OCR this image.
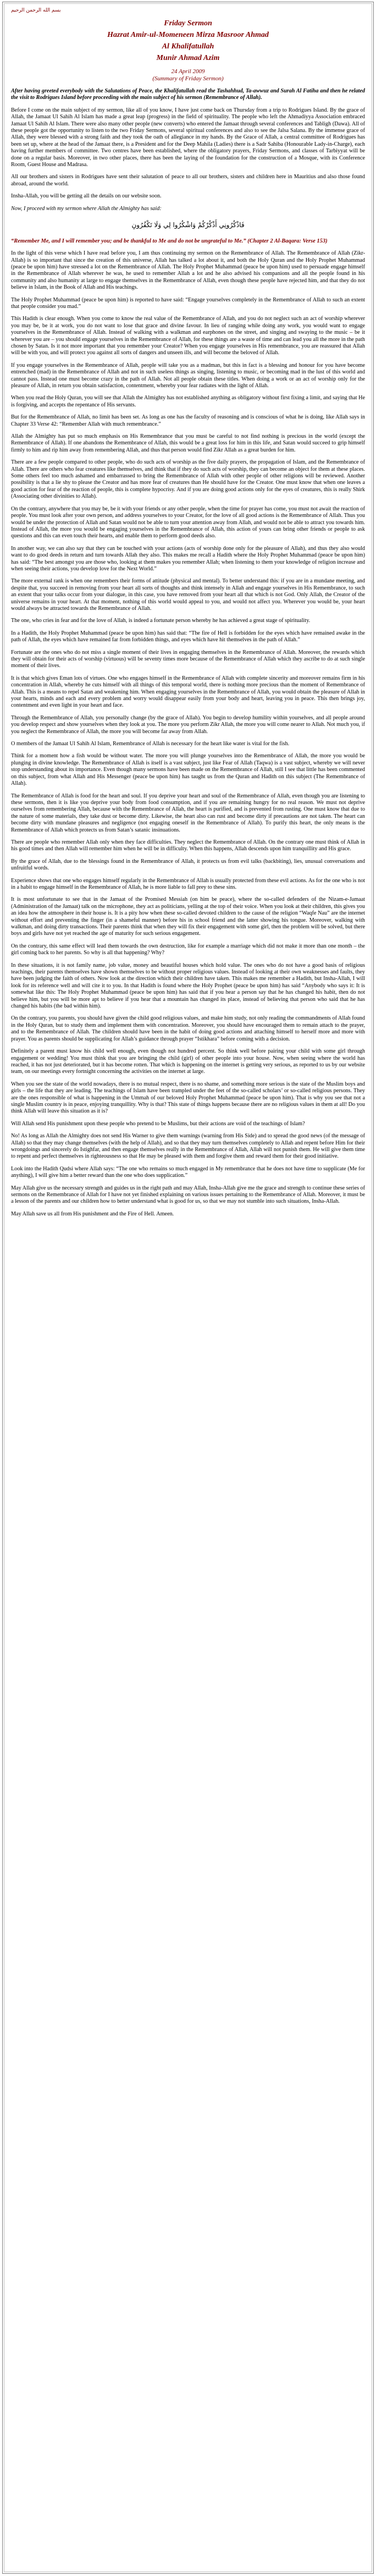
بسم الله الرحمن الرحيم
Friday Sermon
Hazrat Amir-ul-Momeneen Mirza Masroor Ahmad
Al Khalifatullah
Munir Ahmad Azim
24 April 2009
(Summary of Friday Sermon)

After having greeted everybody with the Salutations of Peace, the Khalifatullah read the Tashahhud, Ta-awwuz and Surah Al Fatiha and then he related the visit to Rodrigues Island before proceeding with the main subject of his sermon (Remembrance of Allah).

Before I come on the main subject of my sermon, like all of you know, I have just come back on Thursday from a trip to Rodrigues Island. By the grace of Allah, the Jamaat Ul Sahih Al Islam has made a great leap (progress) in the field of spirituality. The people who left the Ahmadiyya Association embraced Jamaat Ul Sahih Al Islam. There were also many other people (new converts) who entered the Jamaat through several conferences and Tabligh (Dawa). All of these people got the opportunity to listen to the two Friday Sermons, several spiritual conferences and also to see the Jalsa Salana. By the immense grace of Allah, they were blessed with a strong faith and they took the oath of allegiance in my hands. By the Grace of Allah, a central committee of Rodrigues has been set up, where at the head of the Jamaat there, is a President and for the Deep Mahila (Ladies) there is a Sadr Sahiba (Honourable Lady-in-Charge), each having further members of committee. Two centres have been established, where the obligatory prayers, Friday Sermons, and classes of Tarbiyyat will be done on a regular basis. Moreover, in two other places, there has been the laying of the foundation for the construction of a Mosque, with its Conference Room, Guest House and Madrasa.

All our brothers and sisters in Rodrigues have sent their salutation of peace to all our brothers, sisters and children here in Mauritius and also those found abroad, around the world.

Insha-Allah, you will be getting all the details on our website soon.

Now, I proceed with my sermon where Allah the Almighty has said:

فَاذْكُرُونِي أَذْكُرْكُمْ وَاشْكُرُوا لِي وَلَا تَكْفُرُونِ
“Remember Me, and I will remember you; and be thankful to Me and do not be ungrateful to Me.” (Chapter 2 Al-Baqara: Verse 153)

In the light of this verse which I have read before you, I am thus continuing my sermon on the Remembrance of Allah. The Remembrance of Allah (Zikr-Allah) is so important that since the creation of this universe, Allah has talked a lot about it, and both the Holy Quran and the Holy Prophet Muhammad (peace be upon him) have stressed a lot on the Remembrance of Allah. The Holy Prophet Muhammad (peace be upon him) used to persuade engage himself in the Remembrance of Allah wherever he was, he used to remember Allah a lot and he also advised his companions and all the people found in his community and also humanity at large to engage themselves in the Remembrance of Allah, even though these people have rejected him, and that they do not believe in Islam, in the Book of Allah and His teachings.

The Holy Prophet Muhammad (peace be upon him) is reported to have said: “Engage yourselves completely in the Remembrance of Allah to such an extent that people consider you mad.”

This Hadith is clear enough. When you come to know the real value of the Remembrance of Allah, and you do not neglect such an act of worship wherever you may be, be it at work, you do not want to lose that grace and divine favour. In lieu of ranging while doing any work, you would want to engage yourselves in the Remembrance of Allah. Instead of walking with a walkman and earphones on the street, and singing and swaying to the music – be it wherever you are – you should engage yourselves in the Remembrance of Allah, for these things are a waste of time and can lead you all the more in the path chosen by Satan. Is it not more important that you remember your Creator? When you engage yourselves in His remembrance, you are reassured that Allah will be with you, and will protect you against all sorts of dangers and unseen ills, and will become the beloved of Allah.

If you engage yourselves in the Remembrance of Allah, people will take you as a madman, but this in fact is a blessing and honour for you have become entrenched (mad) in the Remembrance of Allah and not in such useless things as singing, listening to music, or becoming mad in the lust of this world and cannot pass. Instead one must become crazy in the path of Allah. Not all people obtain these titles. When doing a work or an act of worship only for the pleasure of Allah, in return you obtain satisfaction, contentment, whereby your fear radiates with the light of Allah.

When you read the Holy Quran, you will see that Allah the Almighty has not established anything as obligatory without first fixing a limit, and saying that He is forgiving, and accepts the repentance of His servants.

But for the Remembrance of Allah, no limit has been set. As long as one has the faculty of reasoning and is conscious of what he is doing, like Allah says in Chapter 33 Verse 42: “Remember Allah with much remembrance.”

Allah the Almighty has put so much emphasis on His Remembrance that you must be careful to not find nothing is precious in the world (except the Remembrance of Allah). If one abandons the Remembrance of Allah, this would be a great loss for him in this life, and Satan would succeed to grip himself firmly to him and rip him away from remembering Allah, and thus that person would find Zikr Allah as a great burden for him.

There are a few people compared to other people, who do such acts of worship as the five daily prayers, the propagation of Islam, and the Remembrance of Allah. There are others who fear creatures like themselves, and think that if they do such acts of worship, they can become an object for them at these places. Some others feel too much ashamed and embarrassed to bring the Remembrance of Allah with other people of other religions will be reviewed. Another possibility is that a lie shy to please the Creator and has more fear of creatures than He should have for the Creator. One must know that when one leaves a good action for fear of the reaction of people, this is complete hypocrisy. And if you are doing good actions only for the eyes of creatures, this is really Shirk (Associating other divinities to Allah).

On the contrary, anywhere that you may be, be it with your friends or any other people, when the time for prayer has come, you must not await the reaction of people. You must look after your own person, and address yourselves to your Creator, for the love of all good actions is the Remembrance of Allah. Thus you would be under the protection of Allah and Satan would not be able to turn your attention away from Allah, and would not be able to attract you towards him. Instead of Allah, the more you would be engaging yourselves in the Remembrance of Allah, this action of yours can bring other friends or people to ask questions and this can even touch their hearts, and enable them to perform good deeds also.

In another way, we can also say that they can be touched with your actions (acts of worship done only for the pleasure of Allah), and thus they also would want to do good deeds in return and turn towards Allah they also. This makes me recall a Hadith where the Holy Prophet Muhammad (peace be upon him) has said: “The best amongst you are those who, looking at them makes you remember Allah; when listening to them your knowledge of religion increase and when seeing their actions, you develop love for the Next World.”

The more external rank is when one remembers their forms of attitude (physical and mental). To better understand this: if you are in a mundane meeting, and despite that, you succeed in removing from your heart all sorts of thoughts and think intensely in Allah and engage yourselves in His Remembrance, to such an extent that your talks occur from your dialogue, in this case, you have removed from your heart all that which is not God. Only Allah, the Creator of the universe remains in your heart. At that moment, nothing of this world would appeal to you, and would not affect you. Wherever you would be, your heart would always be attracted towards the Remembrance of Allah.

The one, who cries in fear and for the love of Allah, is indeed a fortunate person whereby he has achieved a great stage of spirituality.

In a Hadith, the Holy Prophet Muhammad (peace be upon him) has said that: “The fire of Hell is forbidden for the eyes which have remained awake in the path of Allah, the eyes which have remained far from forbidden things, and eyes which have hit themselves in the path of Allah.”

Fortunate are the ones who do not miss a single moment of their lives in engaging themselves in the Remembrance of Allah. Moreover, the rewards which they will obtain for their acts of worship (virtuous) will be seventy times more because of the Remembrance of Allah which they ascribe to do at such single moment of their lives.

It is that which gives Eman lots of virtues. One who engages himself in the Remembrance of Allah with complete sincerity and moreover remains firm in his concentration in Allah, whereby he cuts himself with all things of this temporal world, there is nothing more precious than the moment of Remembrance of Allah. This is a means to repel Satan and weakening him. When engaging yourselves in the Remembrance of Allah, you would obtain the pleasure of Allah in your hearts, minds and each and every problem and worry would disappear easily from your body and heart, leaving you in peace. This then brings joy, contentment and even light in your heart and face.

Through the Remembrance of Allah, you personally change (by the grace of Allah). You begin to develop humility within yourselves, and all people around you develop respect and show yourselves when they look at you. The more you perform Zikr Allah, the more you will come nearer to Allah. Not much you, if you neglect the Remembrance of Allah, the more you will become far away from Allah.

O members of the Jamaat Ul Sahih Al Islam, Remembrance of Allah is necessary for the heart like water is vital for the fish.

Think for a moment how a fish would be without water. The more you will plunge yourselves into the Remembrance of Allah, the more you would be plunging in divine knowledge. The Remembrance of Allah is itself is a vast subject, just like Fear of Allah (Taqwa) is a vast subject, whereby we will never stop understanding about its importance. Even though many sermons have been made on the Remembrance of Allah, still I see that little has been commented on this subject, from what Allah and His Messenger (peace be upon him) has taught us from the Quran and Hadith on this subject (The Remembrance of Allah).

The Remembrance of Allah is food for the heart and soul. If you deprive your heart and soul of the Remembrance of Allah, even though you are listening to these sermons, then it is like you deprive your body from food consumption, and if you are remaining hungry for no real reason. We must not deprive ourselves from remembering Allah, because with the Remembrance of Allah, the heart is purified, and is prevented from rusting. One must know that due to the nature of some materials, they take dust or become dirty. Likewise, the heart also can rust and become dirty if precautions are not taken. The heart can become dirty with mundane pleasures and negligence (not engaging oneself in the Remembrance of Allah). To purify this heart, the only means is the Remembrance of Allah which protects us from Satan’s satanic insinuations.

There are people who remember Allah only when they face difficulties. They neglect the Remembrance of Allah. On the contrary one must think of Allah in his good times and then Allah will remember him when he will be in difficulty. When this happens, Allah descends upon him tranquillity and His grace.

By the grace of Allah, due to the blessings found in the Remembrance of Allah, it protects us from evil talks (backbiting), lies, unusual conversations and unfruitful words.

Experience shows that one who engages himself regularly in the Remembrance of Allah is usually protected from these evil actions. As for the one who is not in a habit to engage himself in the Remembrance of Allah, he is more liable to fall prey to these sins.

It is most unfortunate to see that in the Jamaat of the Promised Messiah (on him be peace), where the so-called defenders of the Nizam-e-Jamaat (Administration of the Jamaat) talk on the microphone, they act as politicians, yelling at the top of their voice. When you look at their children, this gives you an idea how the atmosphere in their house is. It is a pity how when these so-called devoted children to the cause of the religion “Waqfe Nau” are the internet without effort and preventing the finger (in a shameful manner) before his in school friend and the latter showing his tongue. Moreover, walking with walkman, and doing dirty transactions. Their parents think that when they will fix their engagement with some girl, then the problem will be solved, but there boys and girls have not yet reached the age of maturity for such serious engagement.

On the contrary, this same effect will lead them towards the own destruction, like for example a marriage which did not make it more than one month – the girl coming back to her parents. So why is all that happening? Why?

In these situations, it is not family name, job value, money and beautiful houses which hold value. The ones who do not have a good basis of religious teachings, their parents themselves have shown themselves to be without proper religious values. Instead of looking at their own weaknesses and faults, they have been judging the faith of others. Now look at the direction which their children have taken. This makes me remember a Hadith, but Insha-Allah, I will look for its reference well and will cite it to you. In that Hadith is found where the Holy Prophet (peace be upon him) has said “Anybody who says it: It is somewhat like this: The Holy Prophet Muhammad (peace be upon him) has said that if you hear a person say that he has changed his habit, then do not believe him, but you will be more apt to believe if you hear that a mountain has changed its place, instead of believing that person who said that he has changed his habits (the bad within him).

On the contrary, you parents, you should have given the child good religious values, and make him study, not only reading the commandments of Allah found in the Holy Quran, but to study them and implement them with concentration. Moreover, you should have encouraged them to remain attach to the prayer, and to the Remembrance of Allah. The children should have been in the habit of doing good actions and attaching himself to herself more and more with prayer. You as parents should be supplicating for Allah’s guidance through prayer “Istikhara” before coming with a decision.

Definitely a parent must know his child well enough, even though not hundred percent. So think well before pairing your child with some girl through engagement or wedding! You must think that you are bringing the child (girl) of other people into your house. Now, when seeing where the world has reached, it has not just deteriorated, but it has become rotten. That which is happening on the internet is getting very serious, as reported to us by our website team, on our meetings every fortnight concerning the activities on the internet at large.

When you see the state of the world nowadays, there is no mutual respect, there is no shame, and something more serious is the state of the Muslim boys and girls – the life that they are leading. The teachings of Islam have been trampled under the feet of the so-called scholars’ or so-called religious persons. They are the ones responsible of what is happening in the Ummah of our beloved Holy Prophet Muhammad (peace be upon him). That is why you see that not a single Muslim country is in peace, enjoying tranquillity. Why is that? This state of things happens because there are no religious values in them at all! Do you think Allah will leave this situation as it is?

Will Allah send His punishment upon these people who pretend to be Muslims, but their actions are void of the teachings of Islam?

No! As long as Allah the Almighty does not send His Warner to give them warnings (warning from His Side) and to spread the good news (of the message of Allah) so that they may change themselves (with the help of Allah), and so that they may turn themselves completely to Allah and repent before Him for their wrongdoings and sincerely do Istighfar, and then engage themselves really in the Remembrance of Allah, Allah will not punish them. He will give them time to repent and perfect themselves in righteousness so that He may be pleased with them and forgive them and reward them for their good initiative.

Look into the Hadith Qudsi where Allah says: “The one who remains so much engaged in My remembrance that he does not have time to supplicate (Me for anything), I will give him a better reward than the one who does supplication.”

May Allah give us the necessary strength and guides us in the right path and may Allah, Insha-Allah give me the grace and strength to continue these series of sermons on the Remembrance of Allah for I have not yet finished explaining on various issues pertaining to the Remembrance of Allah. Moreover, it must be a lesson of the parents and our children how to better understand what is good for us, so that we may not stumble into such situations, Insha-Allah.

May Allah save us all from His punishment and the Fire of Hell. Ameen.
